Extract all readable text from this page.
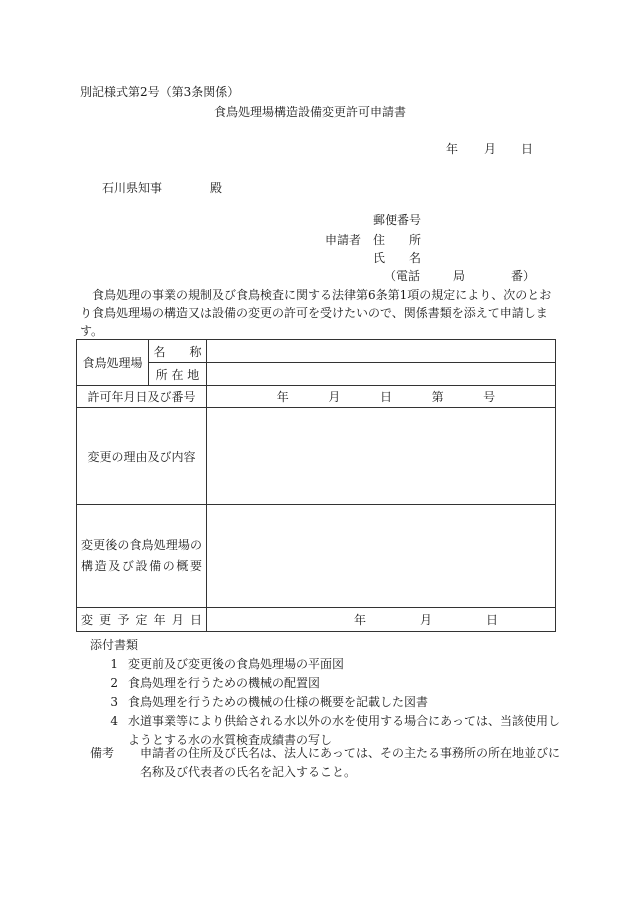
別記様式第2号（第3条関係）
食鳥処理場構造設備変更許可申請書
年 月 日
石川県知事	殿
郵便番号
申請者 住　　所
氏　　名
（電話	局	番）
　食鳥処理の事業の規制及び食鳥検査に関する法律第6条第1項の規定により、次のとおり食鳥処理場の構造又は設備の変更の許可を受けたいので、関係書類を添えて申請します。
食鳥処理場	名　　称	
	所 在 地	
許可年月日及び番号		年 月 日 第 号

変更の理由及び内容		

変更後の食鳥処理場の
構造及び設備の概要		

変更予定年月日		年 月 日
添付書類
1 変更前及び変更後の食鳥処理場の平面図
2 食鳥処理を行うための機械の配置図
3 食鳥処理を行うための機械の仕様の概要を記載した図書
4 水道事業等により供給される水以外の水を使用する場合にあっては、当該使用しようとする水の水質検査成績書の写し
備考	申請者の住所及び氏名は、法人にあっては、その主たる事務所の所在地並びに名称及び代表者の氏名を記入すること。
